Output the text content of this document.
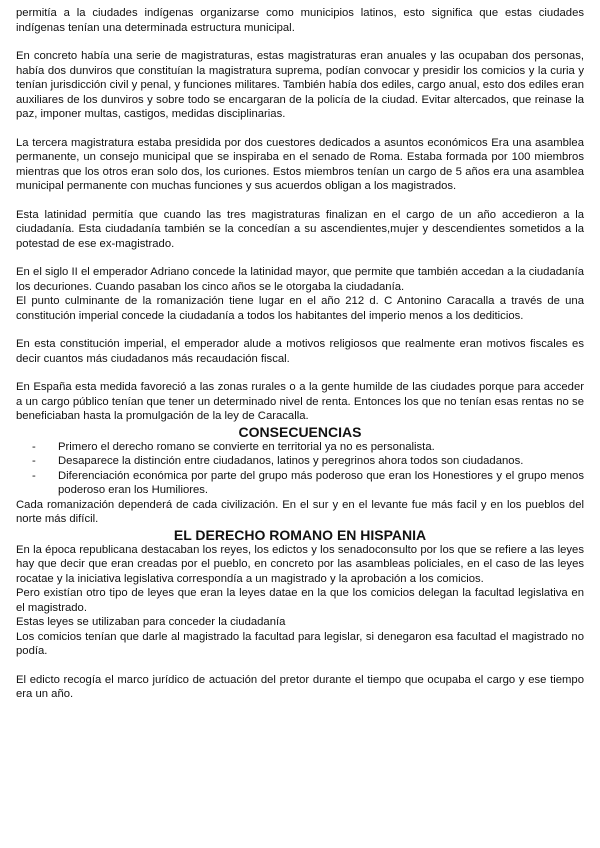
permitía a la ciudades indígenas organizarse como municipios latinos, esto significa que estas ciudades indígenas tenían una determinada estructura municipal.

En concreto había una serie de magistraturas, estas magistraturas eran anuales y las ocupaban dos personas, había dos dunviros que constituían la magistratura suprema, podían convocar y presidir los comicios y la curia y tenían jurisdicción civil y penal, y funciones militares. También había dos ediles, cargo anual, esto dos ediles eran auxiliares de los dunviros y sobre todo se encargaran de la policía de la ciudad. Evitar altercados, que reinase la paz, imponer multas, castigos, medidas disciplinarias.

La tercera magistratura estaba presidida por dos cuestores dedicados a asuntos económicos Era una asamblea permanente, un consejo municipal que se inspiraba en el senado de Roma. Estaba formada por 100 miembros mientras que los otros eran solo dos, los curiones. Estos miembros tenían un cargo de 5 años era una asamblea municipal permanente con muchas funciones y sus acuerdos obligan a los magistrados.

Esta latinidad permitía que cuando las tres magistraturas finalizan en el cargo de un año accedieron a la ciudadanía. Esta ciudadanía también se la concedían a su ascendientes,mujer y descendientes sometidos a la potestad de ese ex-magistrado.

En el siglo II el emperador Adriano concede la latinidad mayor, que permite que también accedan a la ciudadanía los decuriones. Cuando pasaban los cinco años se le otorgaba la ciudadanía.

El punto culminante de la romanización tiene lugar en el año 212 d. C Antonino Caracalla a través de una constitución imperial concede la ciudadanía a todos los habitantes del imperio menos a los dediticios.

En esta constitución imperial, el emperador alude a motivos religiosos que realmente eran motivos fiscales es decir cuantos más ciudadanos más recaudación fiscal.

En España esta medida favoreció a las zonas rurales o a la gente humilde de las ciudades porque para acceder a un cargo público tenían que tener un determinado nivel de renta. Entonces los que no tenían esas rentas no se beneficiaban hasta la promulgación de la ley de Caracalla.

CONSECUENCIAS
- Primero el derecho romano se convierte en territorial ya no es personalista.
- Desaparece la distinción entre ciudadanos, latinos y peregrinos ahora todos son ciudadanos.
- Diferenciación económica por parte del grupo más poderoso que eran los Honestiores y el grupo menos poderoso eran los Humiliores.

Cada romanización dependerá de cada civilización. En el sur y en el levante fue más facil y en los pueblos del norte más difícil.

EL DERECHO ROMANO EN HISPANIA

En la época republicana destacaban los reyes, los edictos y los senadoconsulto por los que se refiere a las leyes hay que decir que eran creadas por el pueblo, en concreto por las asambleas policiales, en el caso de las leyes rocatae y la iniciativa legislativa correspondía a un magistrado y la aprobación a los comicios.

Pero existían otro tipo de leyes que eran la leyes datae en la que los comicios delegan la facultad legislativa en el magistrado.

Estas leyes se utilizaban para conceder la ciudadanía

Los comicios tenían que darle al magistrado la facultad para legislar, si denegaron esa facultad el magistrado no podía.

El edicto recogía el marco jurídico de actuación del pretor durante el tiempo que ocupaba el cargo y ese tiempo era un año.
